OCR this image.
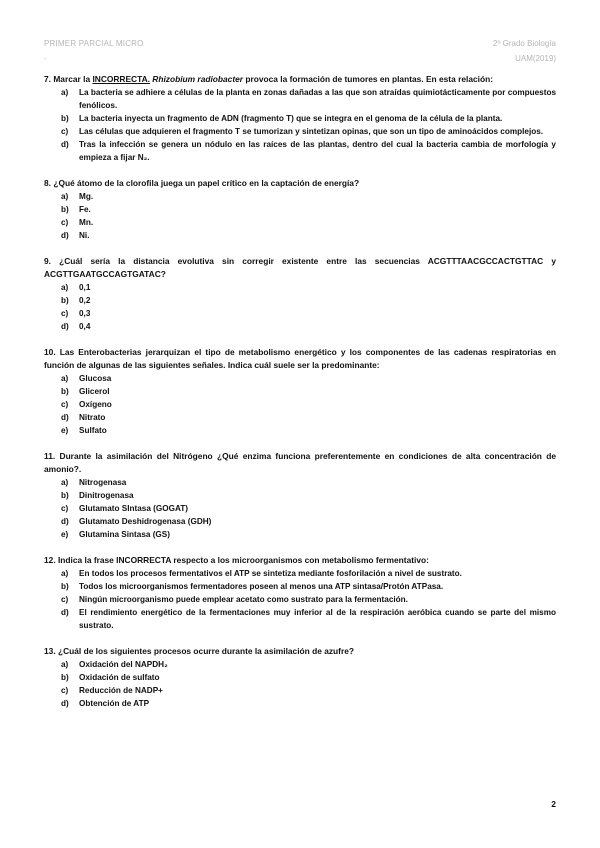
PRIMER PARCIAL MICRO
-
2º Grado Biología
UAM(2019)
7. Marcar la INCORRECTA. Rhizobium radiobacter provoca la formación de tumores en plantas. En esta relación:
a)	La bacteria se adhiere a células de la planta en zonas dañadas a las que son atraídas quimiotácticamente por compuestos fenólicos.
b)	La bacteria inyecta un fragmento de ADN (fragmento T) que se integra en el genoma de la célula de la planta.
c)	Las células que adquieren el fragmento T se tumorizan y sintetizan opinas, que son un tipo de aminoácidos complejos.
d)	Tras la infección se genera un nódulo en las raíces de las plantas, dentro del cual la bacteria cambia de morfología y empieza a fijar N₂.
8. ¿Qué átomo de la clorofila juega un papel crítico en la captación de energía?
a)	Mg.
b)	Fe.
c)	Mn.
d)	Ni.
9. ¿Cuál sería la distancia evolutiva sin corregir existente entre las secuencias ACGTTTAACGCCACTGTTAC y ACGTTGAATGCCAGTGATAC?
a)	0,1
b)	0,2
c)	0,3
d)	0,4
10. Las Enterobacterias jerarquizan el tipo de metabolismo energético y los componentes de las cadenas respiratorias en función de algunas de las siguientes señales. Indica cuál suele ser la predominante:
a)	Glucosa
b)	Glicerol
c)	Oxígeno
d)	Nitrato
e)	Sulfato
11. Durante la asimilación del Nitrógeno ¿Qué enzima funciona preferentemente en condiciones de alta concentración de amonio?.
a)	Nitrogenasa
b)	Dinitrogenasa
c)	Glutamato SIntasa (GOGAT)
d)	Glutamato Deshidrogenasa (GDH)
e)	Glutamina Sintasa (GS)
12. Indica la frase INCORRECTA respecto a los microorganismos con metabolismo fermentativo:
a)	En todos los procesos fermentativos el ATP se sintetiza mediante fosforilación a nivel de sustrato.
b)	Todos los microorganismos fermentadores poseen al menos una ATP sintasa/Protón ATPasa.
c)	Ningún microorganismo puede emplear acetato como sustrato para la fermentación.
d)	El rendimiento energético de la fermentaciones muy inferior al de la respiración aeróbica cuando se parte del mismo sustrato.
13. ¿Cuál de los siguientes procesos ocurre durante la asimilación de azufre?
a)	Oxidación del NAPDH₂
b)	Oxidación de sulfato
c)	Reducción de NADP+
d)	Obtención de ATP
2
